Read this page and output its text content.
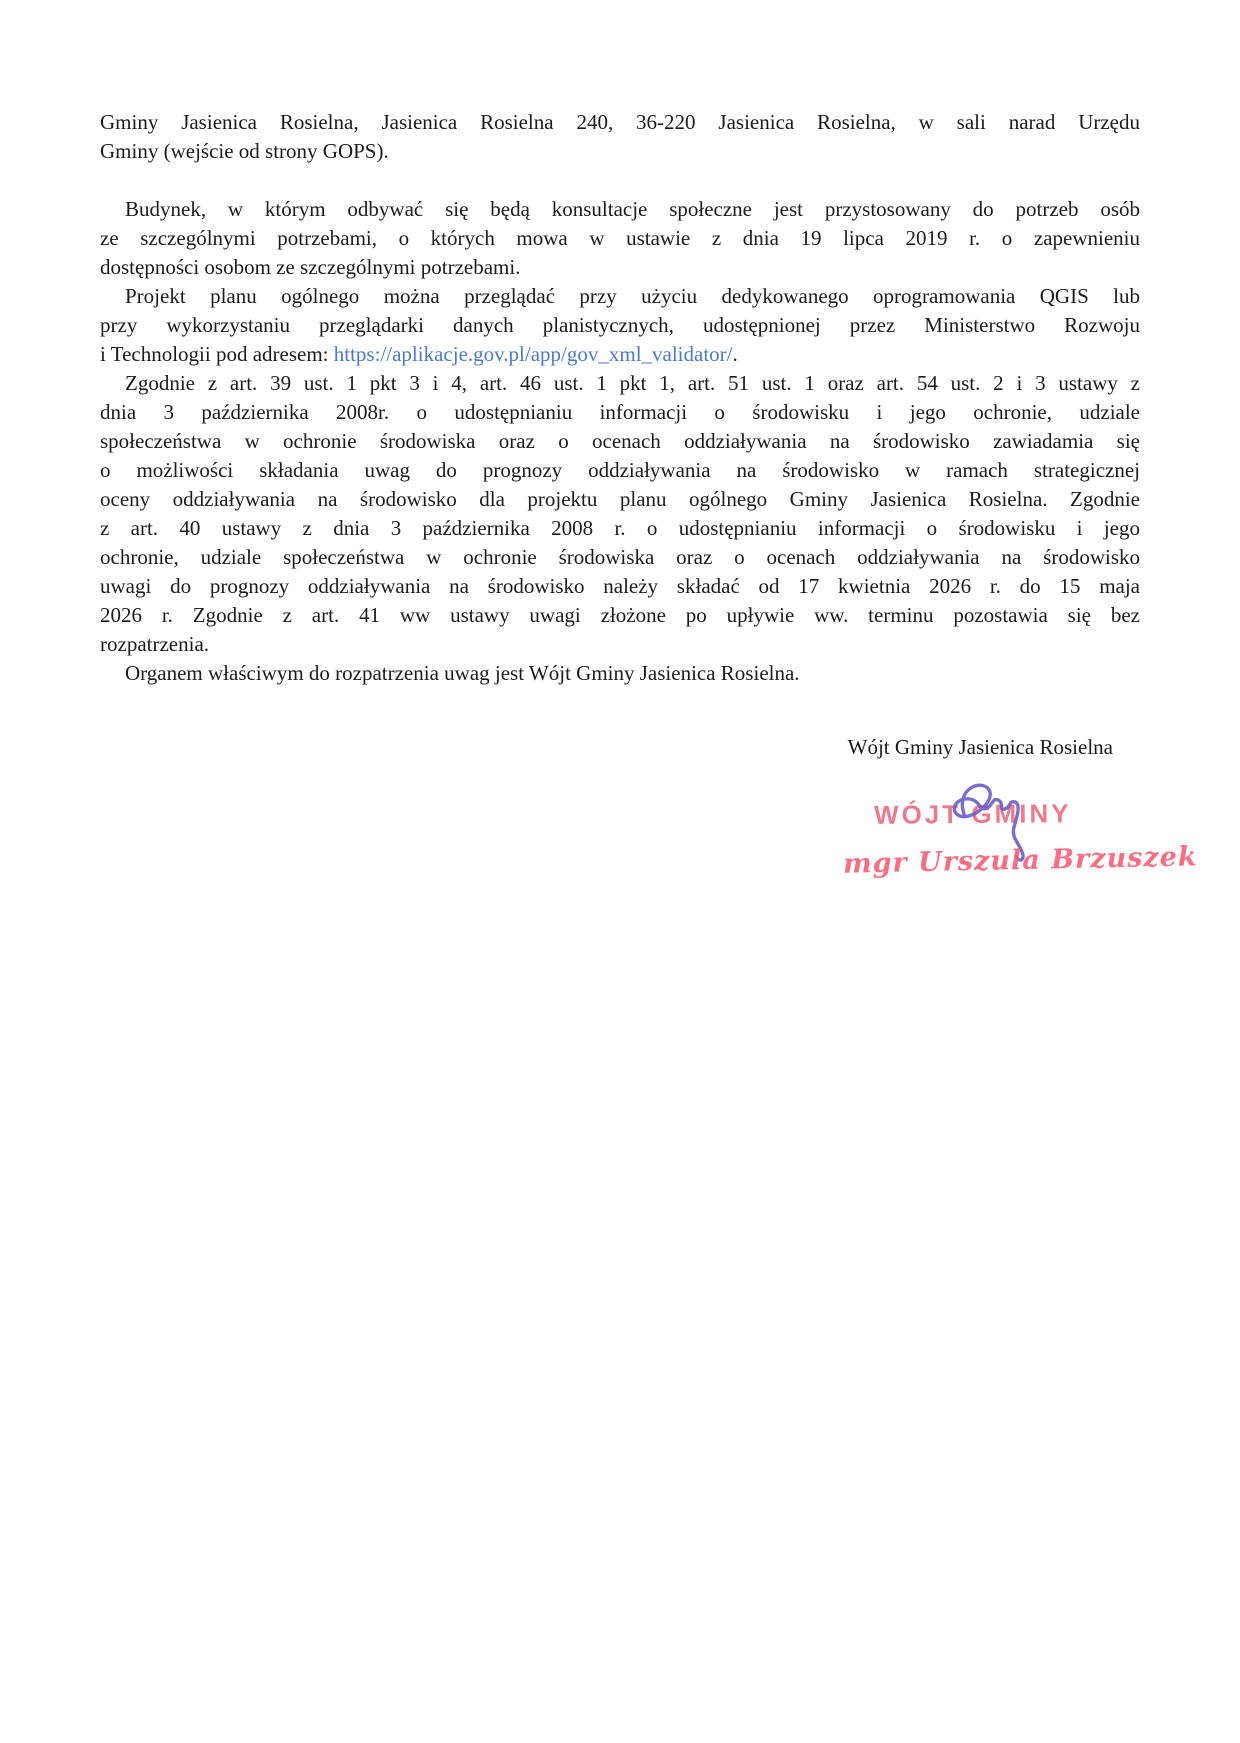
Gminy Jasienica Rosielna, Jasienica Rosielna 240, 36-220 Jasienica Rosielna, w sali narad Urzędu
Gminy (wejście od strony GOPS).
Budynek, w którym odbywać się będą konsultacje społeczne jest przystosowany do potrzeb osób
ze szczególnymi potrzebami, o których mowa w ustawie z dnia 19 lipca 2019 r. o zapewnieniu
dostępności osobom ze szczególnymi potrzebami.
Projekt planu ogólnego można przeglądać przy użyciu dedykowanego oprogramowania QGIS lub
przy wykorzystaniu przeglądarki danych planistycznych, udostępnionej przez Ministerstwo Rozwoju
i Technologii pod adresem: https://aplikacje.gov.pl/app/gov_xml_validator/.
Zgodnie z art. 39 ust. 1 pkt 3 i 4, art. 46 ust. 1 pkt 1, art. 51 ust. 1 oraz art. 54 ust. 2 i 3 ustawy z
dnia 3 października 2008r. o udostępnianiu informacji o środowisku i jego ochronie, udziale
społeczeństwa w ochronie środowiska oraz o ocenach oddziaływania na środowisko zawiadamia się
o możliwości składania uwag do prognozy oddziaływania na środowisko w ramach strategicznej
oceny oddziaływania na środowisko dla projektu planu ogólnego Gminy Jasienica Rosielna. Zgodnie
z art. 40 ustawy z dnia 3 października 2008 r. o udostępnianiu informacji o środowisku i jego
ochronie, udziale społeczeństwa w ochronie środowiska oraz o ocenach oddziaływania na środowisko
uwagi do prognozy oddziaływania na środowisko należy składać od 17 kwietnia 2026 r. do 15 maja
2026 r. Zgodnie z art. 41 ww ustawy uwagi złożone po upływie ww. terminu pozostawia się bez
rozpatrzenia.
Organem właściwym do rozpatrzenia uwag jest Wójt Gminy Jasienica Rosielna.
Wójt Gminy Jasienica Rosielna
WÓJT GMINY
mgr Urszula Brzuszek
